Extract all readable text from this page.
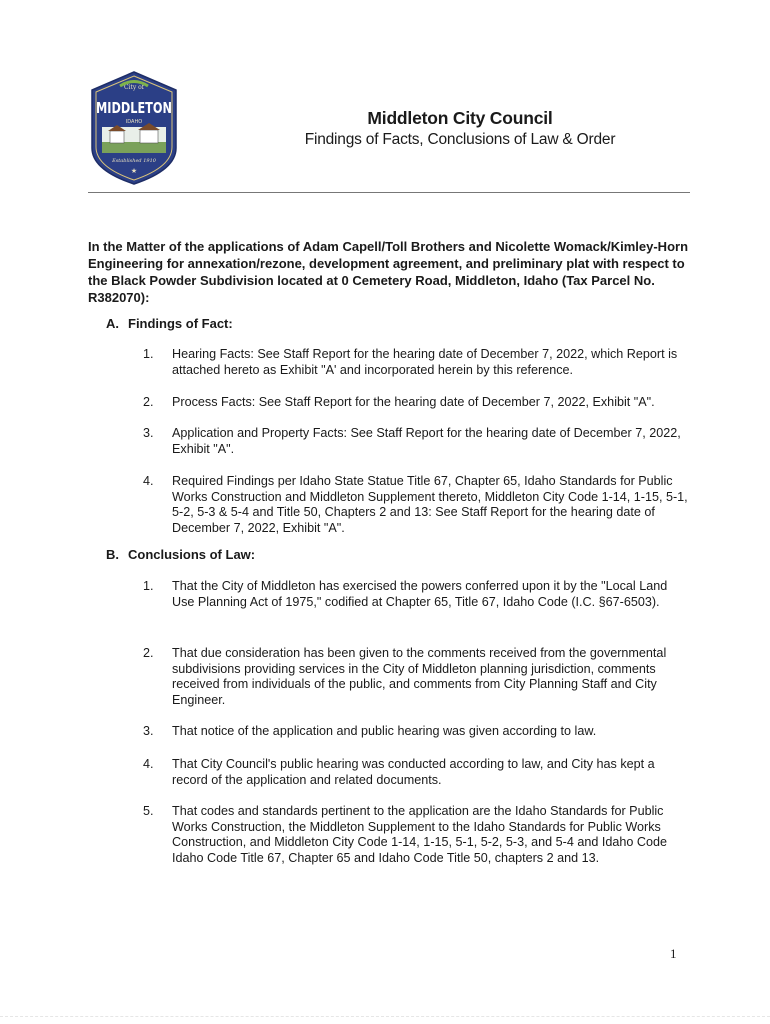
City of
MIDDLETON
IDAHO
Established 1910
★
Middleton City Council
Findings of Facts, Conclusions of Law & Order
In the Matter of the applications of Adam Capell/Toll Brothers and Nicolette Womack/Kimley-Horn Engineering for annexation/rezone, development agreement, and preliminary plat with respect to the Black Powder Subdivision located at 0 Cemetery Road, Middleton, Idaho (Tax Parcel No. R382070):
A. Findings of Fact:
1. Hearing Facts: See Staff Report for the hearing date of December 7, 2022, which Report is attached hereto as Exhibit "A' and incorporated herein by this reference.
2. Process Facts: See Staff Report for the hearing date of December 7, 2022, Exhibit "A".
3. Application and Property Facts: See Staff Report for the hearing date of December 7, 2022, Exhibit "A".
4. Required Findings per Idaho State Statue Title 67, Chapter 65, Idaho Standards for Public Works Construction and Middleton Supplement thereto, Middleton City Code 1-14, 1-15, 5-1, 5-2, 5-3 & 5-4 and Title 50, Chapters 2 and 13: See Staff Report for the hearing date of December 7, 2022, Exhibit "A".
B. Conclusions of Law:
1. That the City of Middleton has exercised the powers conferred upon it by the "Local Land Use Planning Act of 1975," codified at Chapter 65, Title 67, Idaho Code (I.C. §67-6503).
2. That due consideration has been given to the comments received from the governmental subdivisions providing services in the City of Middleton planning jurisdiction, comments received from individuals of the public, and comments from City Planning Staff and City Engineer.
3. That notice of the application and public hearing was given according to law.
4. That City Council's public hearing was conducted according to law, and City has kept a record of the application and related documents.
5. That codes and standards pertinent to the application are the Idaho Standards for Public Works Construction, the Middleton Supplement to the Idaho Standards for Public Works Construction, and Middleton City Code 1-14, 1-15, 5-1, 5-2, 5-3, and 5-4 and Idaho Code Idaho Code Title 67, Chapter 65 and Idaho Code Title 50, chapters 2 and 13.
1
